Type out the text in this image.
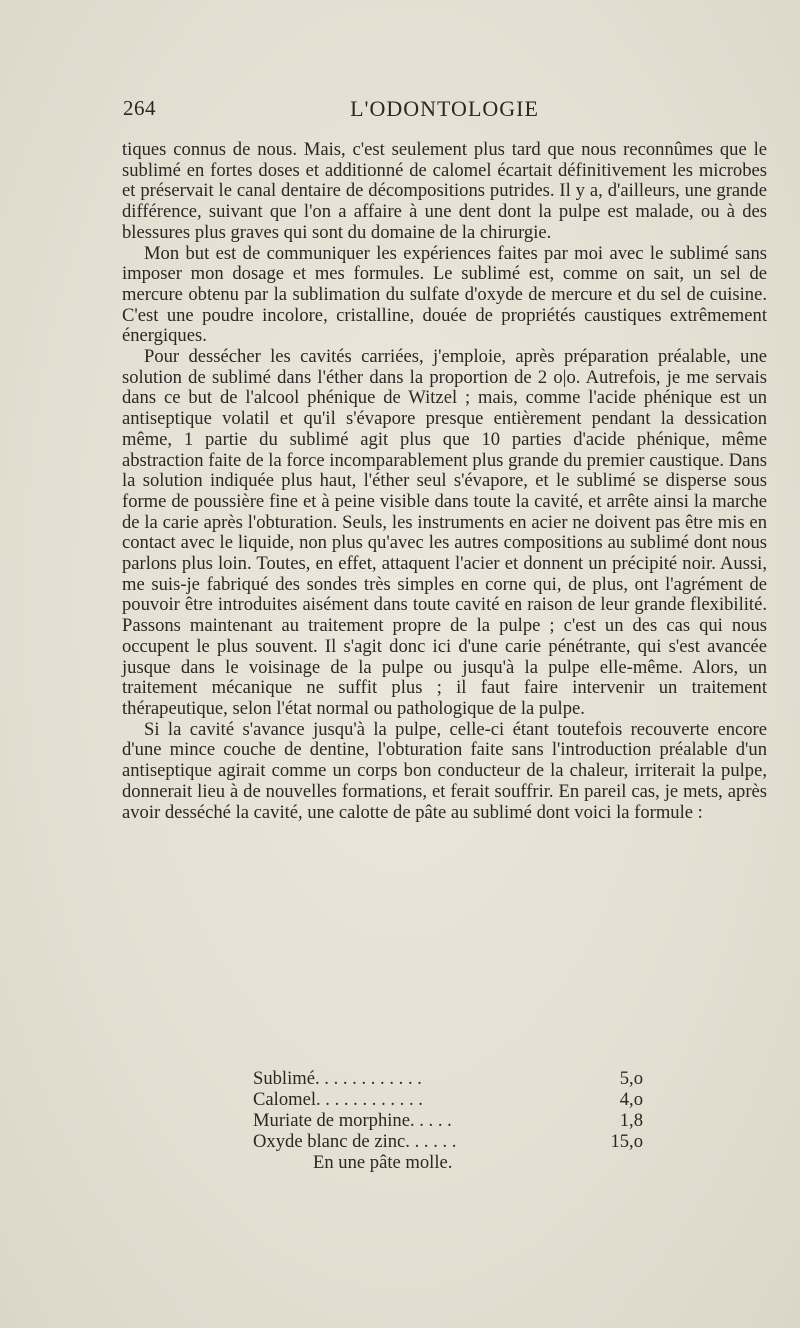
264	L'ODONTOLOGIE

tiques connus de nous. Mais, c'est seulement plus tard que nous reconnûmes que le sublimé en fortes doses et additionné de calomel écartait définitivement les microbes et préservait le canal dentaire de décompositions putrides. Il y a, d'ailleurs, une grande différence, suivant que l'on a affaire à une dent dont la pulpe est malade, ou à des blessures plus graves qui sont du domaine de la chirurgie.

Mon but est de communiquer les expériences faites par moi avec le sublimé sans imposer mon dosage et mes formules. Le sublimé est, comme on sait, un sel de mercure obtenu par la sublimation du sulfate d'oxyde de mercure et du sel de cuisine. C'est une poudre incolore, cristalline, douée de propriétés caustiques extrêmement énergiques.

Pour dessécher les cavités carriées, j'emploie, après préparation préalable, une solution de sublimé dans l'éther dans la proportion de 2 o|o. Autrefois, je me servais dans ce but de l'alcool phénique de Witzel ; mais, comme l'acide phénique est un antiseptique volatil et qu'il s'évapore presque entièrement pendant la dessication même, 1 partie du sublimé agit plus que 10 parties d'acide phénique, même abstraction faite de la force incomparablement plus grande du premier caustique. Dans la solution indiquée plus haut, l'éther seul s'évapore, et le sublimé se disperse sous forme de poussière fine et à peine visible dans toute la cavité, et arrête ainsi la marche de la carie après l'obturation. Seuls, les instruments en acier ne doivent pas être mis en contact avec le liquide, non plus qu'avec les autres compositions au sublimé dont nous parlons plus loin. Toutes, en effet, attaquent l'acier et donnent un précipité noir. Aussi, me suis-je fabriqué des sondes très simples en corne qui, de plus, ont l'agrément de pouvoir être introduites aisément dans toute cavité en raison de leur grande flexibilité. Passons maintenant au traitement propre de la pulpe ; c'est un des cas qui nous occupent le plus souvent. Il s'agit donc ici d'une carie pénétrante, qui s'est avancée jusque dans le voisinage de la pulpe ou jusqu'à la pulpe elle-même. Alors, un traitement mécanique ne suffit plus ; il faut faire intervenir un traitement thérapeutique, selon l'état normal ou pathologique de la pulpe.

Si la cavité s'avance jusqu'à la pulpe, celle-ci étant toutefois recouverte encore d'une mince couche de dentine, l'obturation faite sans l'introduction préalable d'un antiseptique agirait comme un corps bon conducteur de la chaleur, irriterait la pulpe, donnerait lieu à de nouvelles formations, et ferait souffrir. En pareil cas, je mets, après avoir desséché la cavité, une calotte de pâte au sublimé dont voici la formule :

Sublimé. . . . . . . . . . . .	5,o
Calomel. . . . . . . . . . . .	4,o
Muriate de morphine. . . . .	1,8
Oxyde blanc de zinc. . . . . .	15,o
En une pâte molle.
